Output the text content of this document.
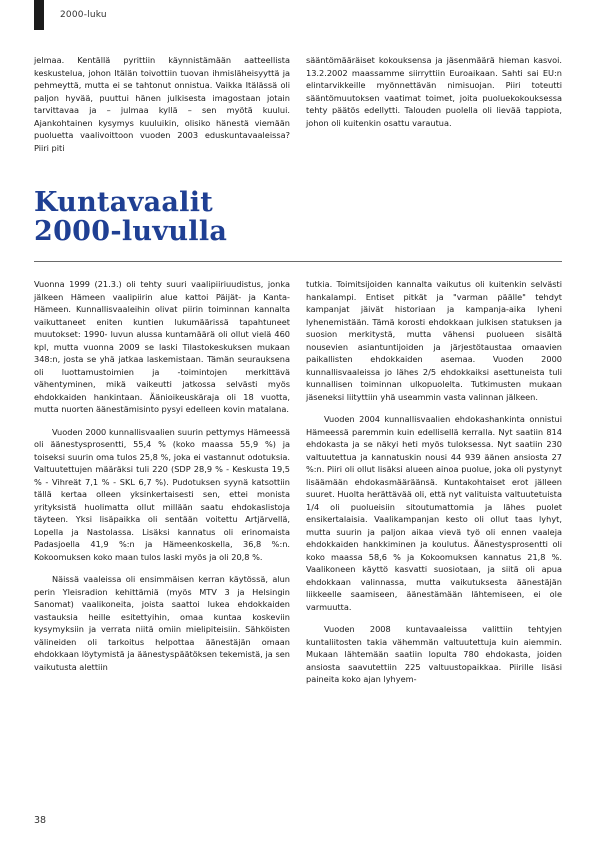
2000-luku

jelmaa. Kentällä pyrittiin käynnistämään aatteellista keskustelua, johon Itälän toivottiin tuovan ihmisläheisyyttä ja pehmeyttä, mutta ei se tahtonut onnistua. Vaikka Itälässä oli paljon hyvää, puuttui hänen julkisesta imagostaan jotain tarvittavaa ja – julmaa kyllä – sen myötä kuului. Ajankohtainen kysymys kuuluikin, olisiko hänestä viemään puoluetta vaalivoittoon vuoden 2003 eduskuntavaaleissa? Piiri piti

sääntömääräiset kokouksensa ja jäsenmäärä hieman kasvoi. 13.2.2002 maassamme siirryttiin Euroaikaan. Sahti sai EU:n elintarvikkeille myönnettävän nimisuojan. Piiri toteutti sääntömuutoksen vaatimat toimet, joita puoluekokouksessa tehty päätös edellytti. Talouden puolella oli lievää tappiota, johon oli kuitenkin osattu varautua.

Kuntavaalit
2000-luvulla

Vuonna 1999 (21.3.) oli tehty suuri vaalipiiriuudistus, jonka jälkeen Hämeen vaalipiirin alue kattoi Päijät- ja Kanta-Hämeen. Kunnallisvaaleihin olivat piirin toiminnan kannalta vaikuttaneet eniten kuntien lukumäärissä tapahtuneet muutokset: 1990- luvun alussa kuntamäärä oli ollut vielä 460 kpl, mutta vuonna 2009 se laski Tilastokeskuksen mukaan 348:n, josta se yhä jatkaa laskemistaan. Tämän seurauksena oli luottamustoimien ja -toimintojen merkittävä vähentyminen, mikä vaikeutti jatkossa selvästi myös ehdokkaiden hankintaan. Äänioikeuskäraja oli 18 vuotta, mutta nuorten äänestämisinto pysyi edelleen kovin matalana.

Vuoden 2000 kunnallisvaalien suurin pettymys Hämeessä oli äänestysprosentti, 55,4 % (koko maassa 55,9 %) ja toiseksi suurin oma tulos 25,8 %, joka ei vastannut odotuksia. Valtuutettujen määräksi tuli 220 (SDP 28,9 % - Keskusta 19,5 % - Vihreät 7,1 % - SKL 6,7 %). Pudotuksen syynä katsottiin tällä kertaa olleen yksinkertaisesti sen, ettei monista yrityksistä huolimatta ollut millään saatu ehdokaslistoja täyteen. Yksi lisäpaikka oli sentään voitettu Artjärvellä, Lopella ja Nastolassa. Lisäksi kannatus oli erinomaista Padasjoella 41,9 %:n ja Hämeenkoskella, 36,8 %:n. Kokoomuksen koko maan tulos laski myös ja oli 20,8 %.

Näissä vaaleissa oli ensimmäisen kerran käytössä, alun perin Yleisradion kehittämiä (myös MTV 3 ja Helsingin Sanomat) vaalikoneita, joista saattoi lukea ehdokkaiden vastauksia heille esitettyihin, omaa kuntaa koskeviin kysymyksiin ja verrata niitä omiin mielipiteisiin. Sähköisten välineiden oli tarkoitus helpottaa äänestäjän omaan ehdokkaan löytymistä ja äänestyspäätöksen tekemistä, ja sen vaikutusta alettiin

tutkia. Toimitsijoiden kannalta vaikutus oli kuitenkin selvästi hankalampi. Entiset pitkät ja "varman päälle" tehdyt kampanjat jäivät historiaan ja kampanja-aika lyheni lyhenemistään. Tämä korosti ehdokkaan julkisen statuksen ja suosion merkitystä, mutta vähensi puolueen sisältä nousevien asiantuntijoiden ja järjestötaustaa omaavien paikallisten ehdokkaiden asemaa. Vuoden 2000 kunnallisvaaleissa jo lähes 2/5 ehdokkaiksi asettuneista tuli kunnallisen toiminnan ulkopuolelta. Tutkimusten mukaan jäseneksi liityttiin yhä useammin vasta valinnan jälkeen.

Vuoden 2004 kunnallisvaalien ehdokashankinta onnistui Hämeessä paremmin kuin edellisellä kerralla. Nyt saatiin 814 ehdokasta ja se näkyi heti myös tuloksessa. Nyt saatiin 230 valtuutettua ja kannatuskin nousi 44 939 äänen ansiosta 27 %:n. Piiri oli ollut lisäksi alueen ainoa puolue, joka oli pystynyt lisäämään ehdokasmääräänsä. Kuntakohtaiset erot jälleen suuret. Huolta herättävää oli, että nyt valituista valtuutetuista 1/4 oli puolueisiin sitoutumattomia ja lähes puolet ensikertalaisia. Vaalikampanjan kesto oli ollut taas lyhyt, mutta suurin ja paljon aikaa vievä työ oli ennen vaaleja ehdokkaiden hankkiminen ja koulutus. Äänestysprosentti oli koko maassa 58,6 % ja Kokoomuksen kannatus 21,8 %. Vaalikoneen käyttö kasvatti suosiotaan, ja siitä oli apua ehdokkaan valinnassa, mutta vaikutuksesta äänestäjän liikkeelle saamiseen, äänestämään lähtemiseen, ei ole varmuutta.

Vuoden 2008 kuntavaaleissa valittiin tehtyjen kuntaliitosten takia vähemmän valtuutettuja kuin aiemmin. Mukaan lähtemään saatiin lopulta 780 ehdokasta, joiden ansiosta saavutettiin 225 valtuustopaikkaa. Piirille lisäsi paineita koko ajan lyhyem-

38
